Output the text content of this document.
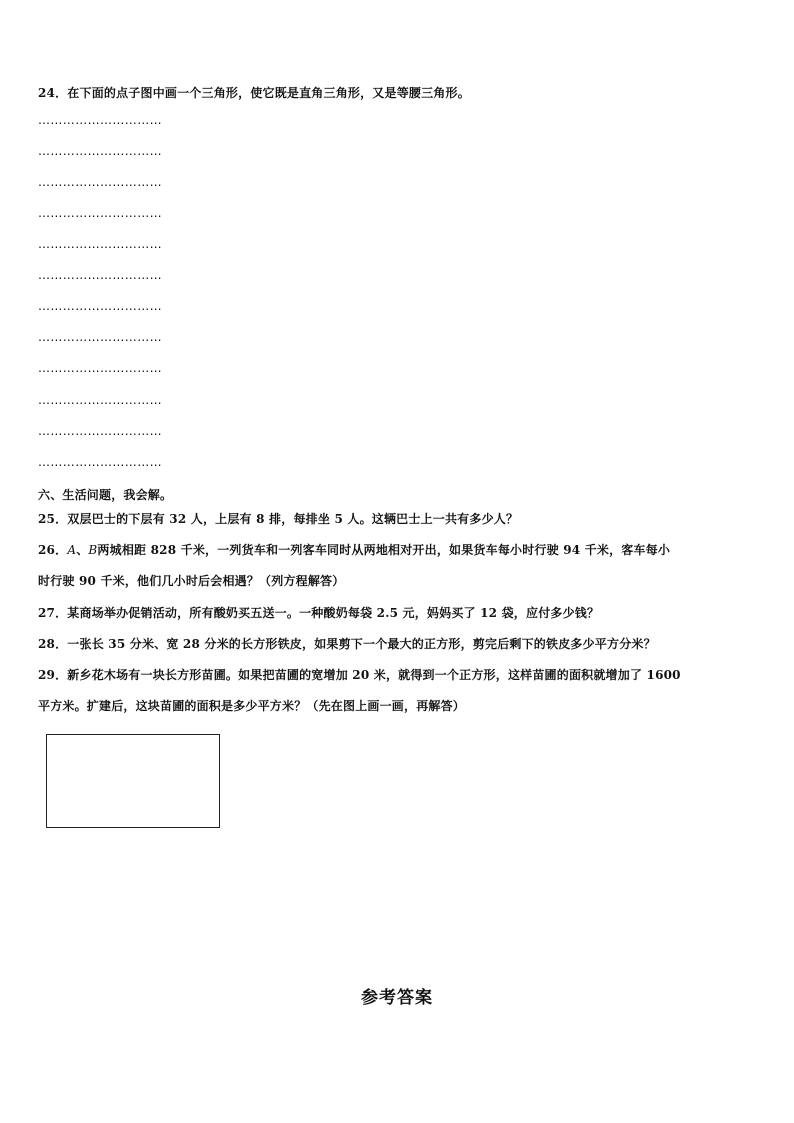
24．在下面的点子图中画一个三角形，使它既是直角三角形，又是等腰三角形。
…………………………
…………………………
…………………………
…………………………
…………………………
…………………………
…………………………
…………………………
…………………………
…………………………
…………………………
…………………………
六、生活问题，我会解。
25．双层巴士的下层有 32 人，上层有 8 排，每排坐 5 人。这辆巴士上一共有多少人？
26．A、B两城相距 828 千米，一列货车和一列客车同时从两地相对开出，如果货车每小时行驶 94 千米，客车每小
时行驶 90 千米，他们几小时后会相遇？（列方程解答）
27．某商场举办促销活动，所有酸奶买五送一。一种酸奶每袋 2.5 元，妈妈买了 12 袋，应付多少钱？
28．一张长 35 分米、宽 28 分米的长方形铁皮，如果剪下一个最大的正方形，剪完后剩下的铁皮多少平方分米？
29．新乡花木场有一块长方形苗圃。如果把苗圃的宽增加 20 米，就得到一个正方形，这样苗圃的面积就增加了 1600
平方米。扩建后，这块苗圃的面积是多少平方米？（先在图上画一画，再解答）
参考答案
